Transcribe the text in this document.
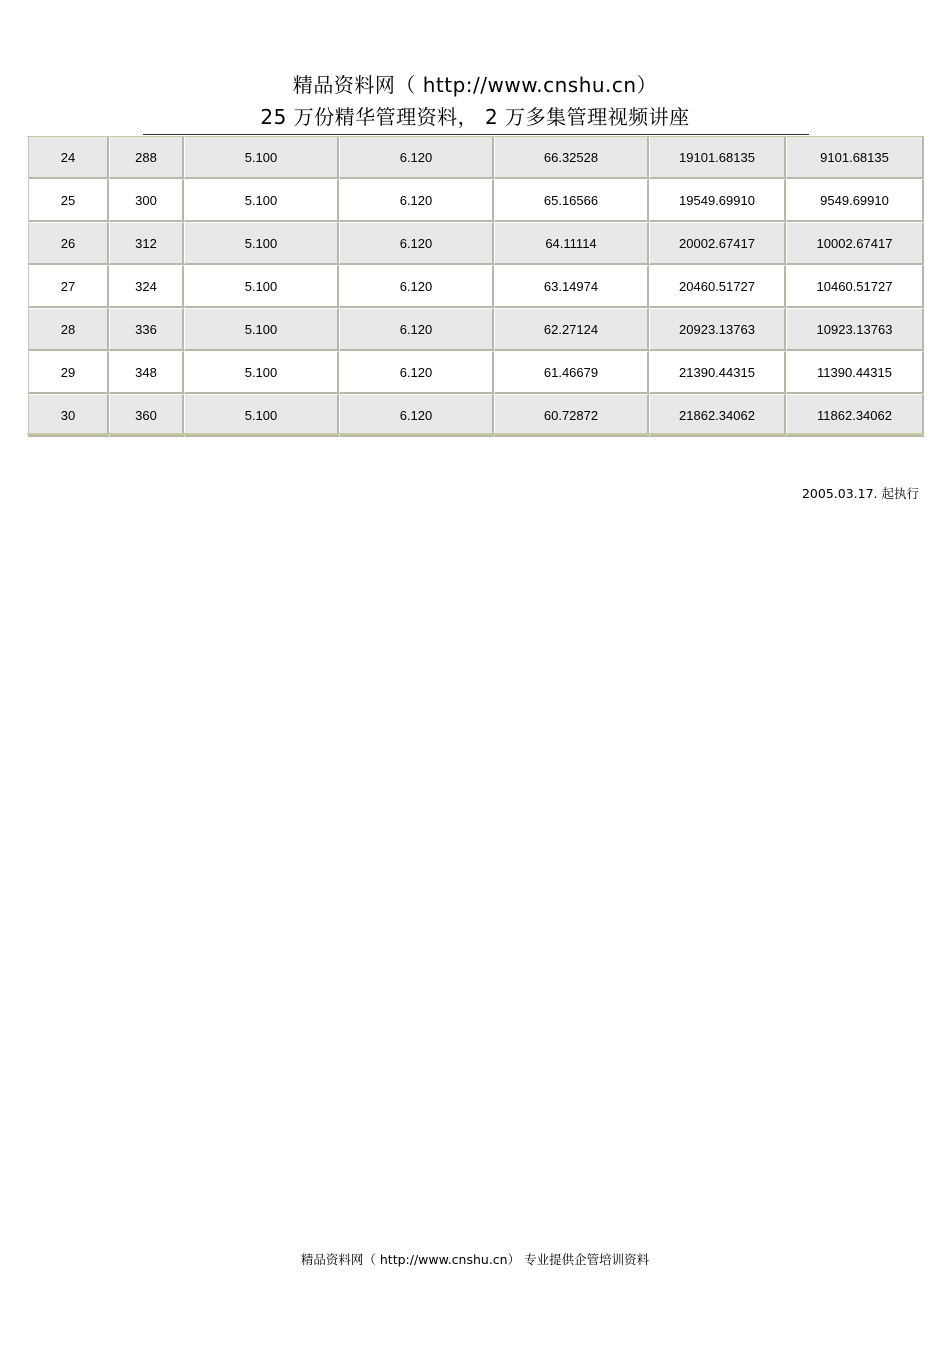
精品资料网（ http://www.cnshu.cn）
25 万份精华管理资料， 2 万多集管理视频讲座
24	288	5.100	6.120	66.32528	19101.68135	9101.68135
25	300	5.100	6.120	65.16566	19549.69910	9549.69910
26	312	5.100	6.120	64.11114	20002.67417	10002.67417
27	324	5.100	6.120	63.14974	20460.51727	10460.51727
28	336	5.100	6.120	62.27124	20923.13763	10923.13763
29	348	5.100	6.120	61.46679	21390.44315	11390.44315
30	360	5.100	6.120	60.72872	21862.34062	11862.34062
2005.03.17. 起执行
精品资料网（ http://www.cnshu.cn） 专业提供企管培训资料
